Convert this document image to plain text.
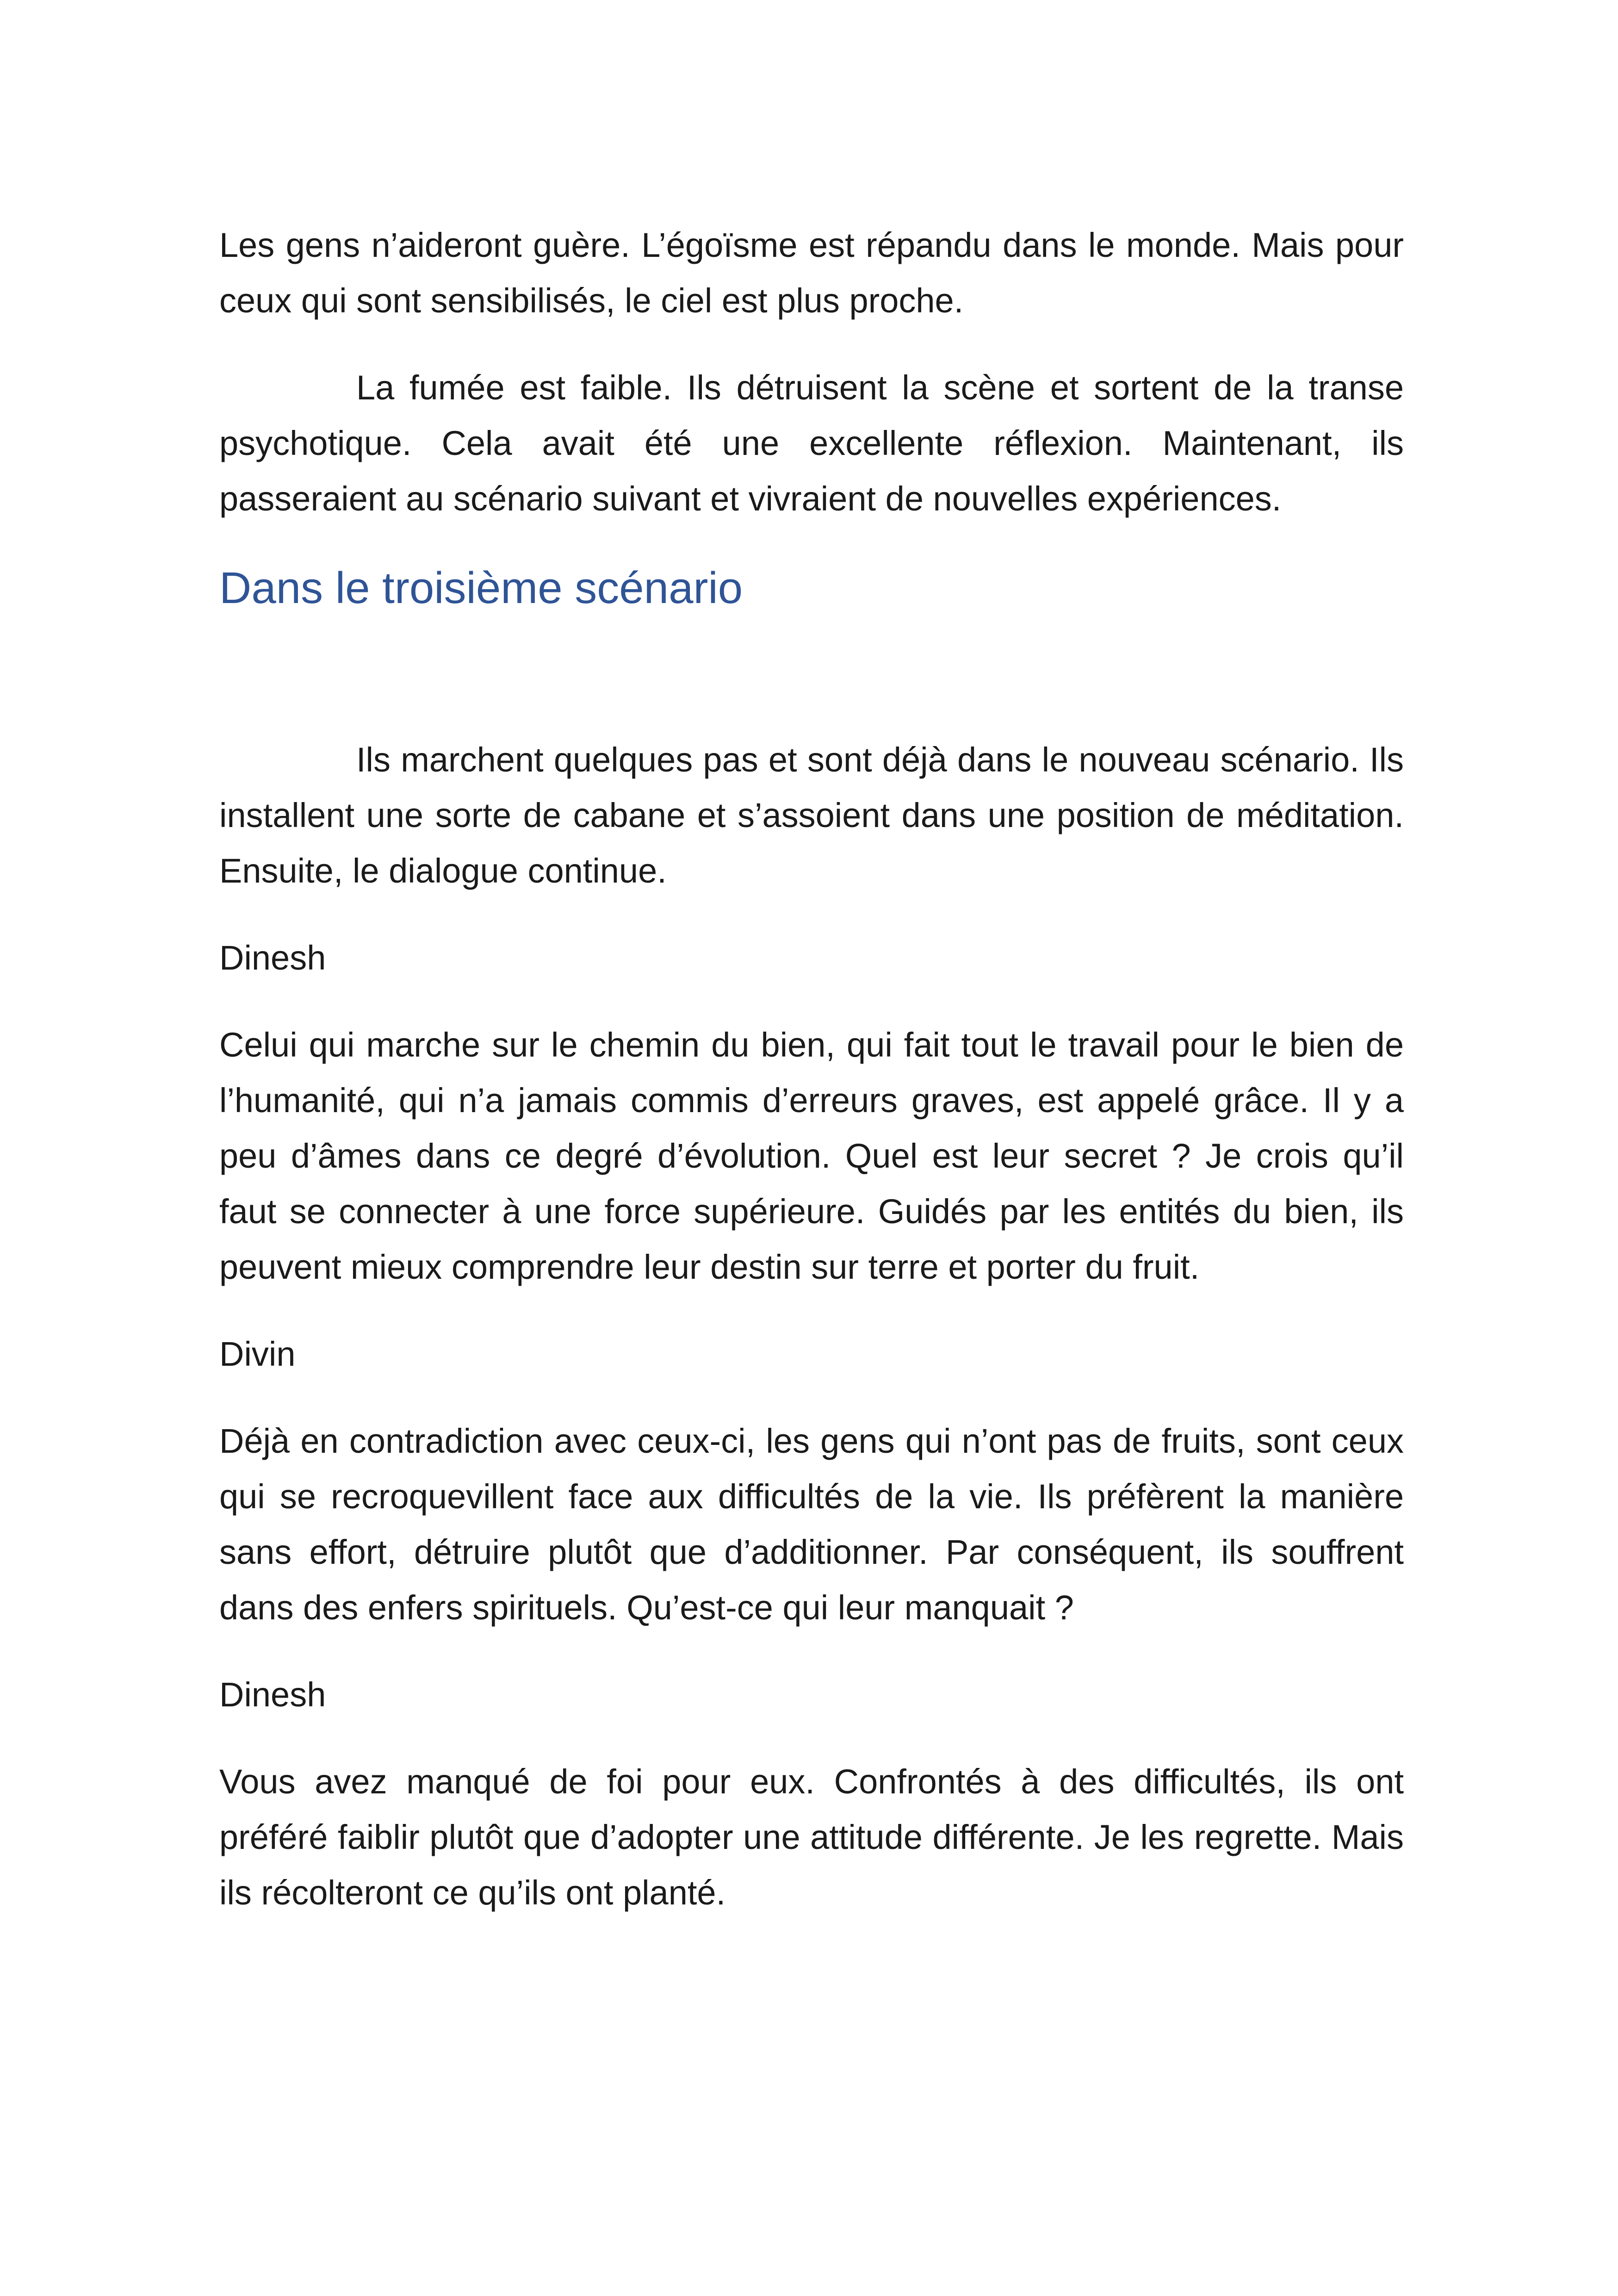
Les gens n’aideront guère. L’égoïsme est répandu dans le monde. Mais pour ceux qui sont sensibilisés, le ciel est plus proche.

La fumée est faible. Ils détruisent la scène et sortent de la transe psychotique. Cela avait été une excellente réflexion. Maintenant, ils passeraient au scénario suivant et vivraient de nouvelles expériences.

Dans le troisième scénario

Ils marchent quelques pas et sont déjà dans le nouveau scénario. Ils installent une sorte de cabane et s’assoient dans une position de méditation. Ensuite, le dialogue continue.

Dinesh

Celui qui marche sur le chemin du bien, qui fait tout le travail pour le bien de l’humanité, qui n’a jamais commis d’erreurs graves, est appelé grâce. Il y a peu d’âmes dans ce degré d’évolution. Quel est leur secret ? Je crois qu’il faut se connecter à une force supérieure. Guidés par les entités du bien, ils peuvent mieux comprendre leur destin sur terre et porter du fruit.

Divin

Déjà en contradiction avec ceux-ci, les gens qui n’ont pas de fruits, sont ceux qui se recroquevillent face aux difficultés de la vie. Ils préfèrent la manière sans effort, détruire plutôt que d’additionner. Par conséquent, ils souffrent dans des enfers spirituels. Qu’est-ce qui leur manquait ?

Dinesh

Vous avez manqué de foi pour eux. Confrontés à des difficultés, ils ont préféré faiblir plutôt que d’adopter une attitude différente. Je les regrette. Mais ils récolteront ce qu’ils ont planté.
